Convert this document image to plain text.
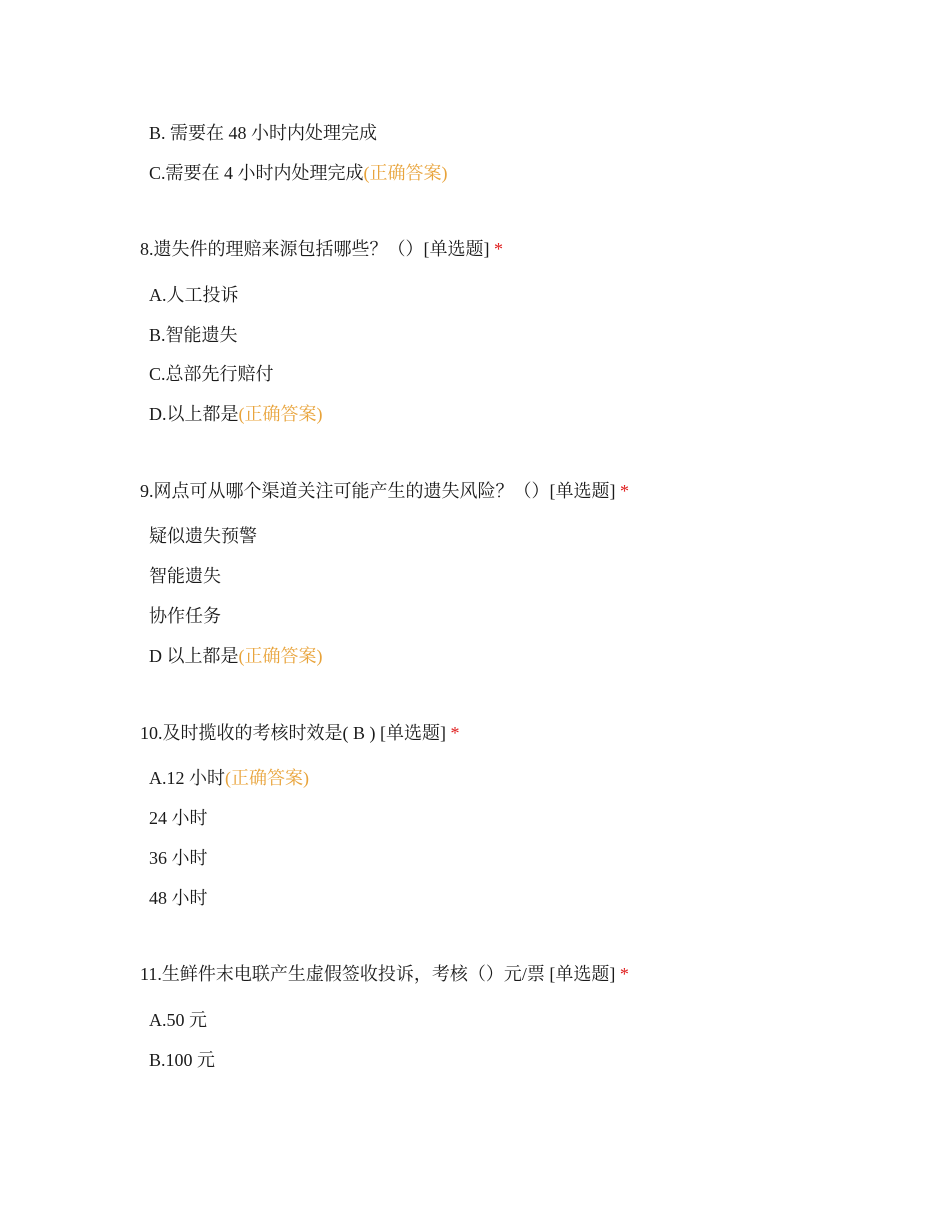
B. 需要在 48 小时内处理完成
C.需要在 4 小时内处理完成(正确答案)
8.遗失件的理赔来源包括哪些？（）[单选题] *
A.人工投诉
B.智能遗失
C.总部先行赔付
D.以上都是(正确答案)
9.网点可从哪个渠道关注可能产生的遗失风险？（）[单选题] *
疑似遗失预警
智能遗失
协作任务
D 以上都是(正确答案)
10.及时揽收的考核时效是( B ) [单选题] *
A.12 小时(正确答案)
24 小时
36 小时
48 小时
11.生鲜件末电联产生虚假签收投诉，考核（）元/票 [单选题] *
A.50 元
B.100 元
